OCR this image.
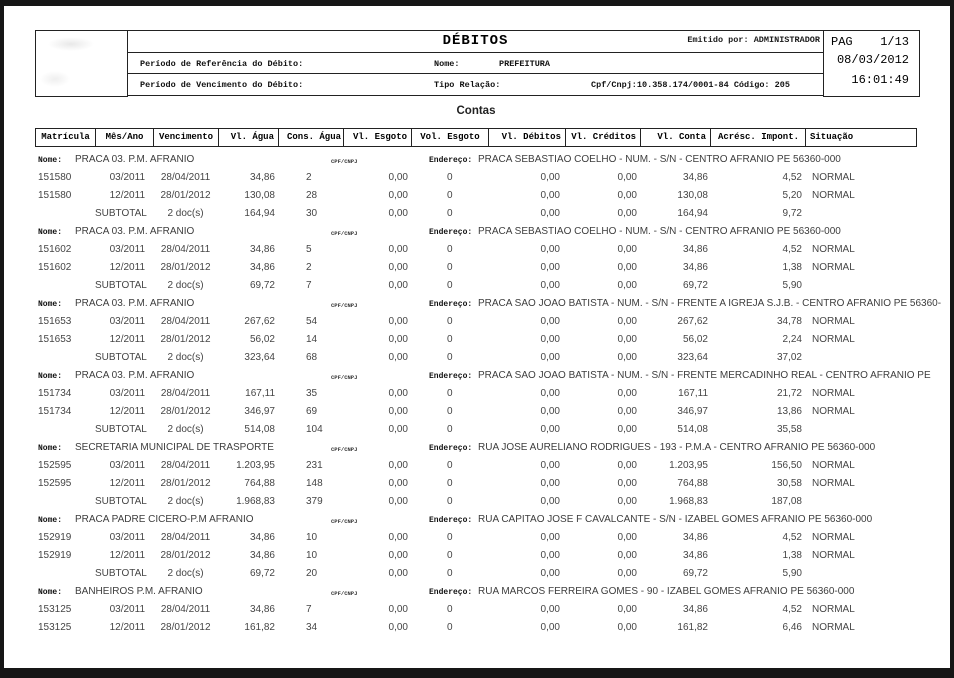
DÉBITOS	Emitido por: ADMINISTRADOR
Período de Referência do Débito:	Nome:	PREFEITURA
Período de Vencimento do Débito:	Tipo Relação:	Cpf/Cnpj:10.358.174/0001-84 Código: 205
PAG 1/13
08/03/2012
16:01:49
Contas
Matrícula	Mês/Ano	Vencimento	Vl. Água	Cons. Água	Vl. Esgoto	Vol. Esgoto	Vl. Débitos	Vl. Créditos	Vl. Conta	Acrésc. Impont.	Situação
Nome: PRACA 03. P.M. AFRANIO	CPF/CNPJ	Endereço: PRACA SEBASTIAO COELHO - NUM. - S/N - CENTRO AFRANIO PE 56360-000
151580	03/2011	28/04/2011	34,86	2	0,00	0	0,00	0,00	34,86	4,52	NORMAL
151580	12/2011	28/01/2012	130,08	28	0,00	0	0,00	0,00	130,08	5,20	NORMAL
SUBTOTAL	2 doc(s)	164,94	30	0,00	0	0,00	0,00	164,94	9,72
Nome: PRACA 03. P.M. AFRANIO	CPF/CNPJ	Endereço: PRACA SEBASTIAO COELHO - NUM. - S/N - CENTRO AFRANIO PE 56360-000
151602	03/2011	28/04/2011	34,86	5	0,00	0	0,00	0,00	34,86	4,52	NORMAL
151602	12/2011	28/01/2012	34,86	2	0,00	0	0,00	0,00	34,86	1,38	NORMAL
SUBTOTAL	2 doc(s)	69,72	7	0,00	0	0,00	0,00	69,72	5,90
Nome: PRACA 03. P.M. AFRANIO	CPF/CNPJ	Endereço: PRACA SAO JOAO BATISTA - NUM. - S/N - FRENTE A IGREJA S.J.B. - CENTRO AFRANIO PE 56360-
151653	03/2011	28/04/2011	267,62	54	0,00	0	0,00	0,00	267,62	34,78	NORMAL
151653	12/2011	28/01/2012	56,02	14	0,00	0	0,00	0,00	56,02	2,24	NORMAL
SUBTOTAL	2 doc(s)	323,64	68	0,00	0	0,00	0,00	323,64	37,02
Nome: PRACA 03. P.M. AFRANIO	CPF/CNPJ	Endereço: PRACA SAO JOAO BATISTA - NUM. - S/N - FRENTE MERCADINHO REAL - CENTRO AFRANIO PE
151734	03/2011	28/04/2011	167,11	35	0,00	0	0,00	0,00	167,11	21,72	NORMAL
151734	12/2011	28/01/2012	346,97	69	0,00	0	0,00	0,00	346,97	13,86	NORMAL
SUBTOTAL	2 doc(s)	514,08	104	0,00	0	0,00	0,00	514,08	35,58
Nome: SECRETARIA MUNICIPAL DE TRASPORTE	CPF/CNPJ	Endereço: RUA JOSE AURELIANO RODRIGUES - 193 - P.M.A - CENTRO AFRANIO PE 56360-000
152595	03/2011	28/04/2011	1.203,95	231	0,00	0	0,00	0,00	1.203,95	156,50	NORMAL
152595	12/2011	28/01/2012	764,88	148	0,00	0	0,00	0,00	764,88	30,58	NORMAL
SUBTOTAL	2 doc(s)	1.968,83	379	0,00	0	0,00	0,00	1.968,83	187,08
Nome: PRACA PADRE CICERO-P.M AFRANIO	CPF/CNPJ	Endereço: RUA CAPITAO JOSE F CAVALCANTE - S/N - IZABEL GOMES AFRANIO PE 56360-000
152919	03/2011	28/04/2011	34,86	10	0,00	0	0,00	0,00	34,86	4,52	NORMAL
152919	12/2011	28/01/2012	34,86	10	0,00	0	0,00	0,00	34,86	1,38	NORMAL
SUBTOTAL	2 doc(s)	69,72	20	0,00	0	0,00	0,00	69,72	5,90
Nome: BANHEIROS P.M. AFRANIO	CPF/CNPJ	Endereço: RUA MARCOS FERREIRA GOMES - 90 - IZABEL GOMES AFRANIO PE 56360-000
153125	03/2011	28/04/2011	34,86	7	0,00	0	0,00	0,00	34,86	4,52	NORMAL
153125	12/2011	28/01/2012	161,82	34	0,00	0	0,00	0,00	161,82	6,46	NORMAL
